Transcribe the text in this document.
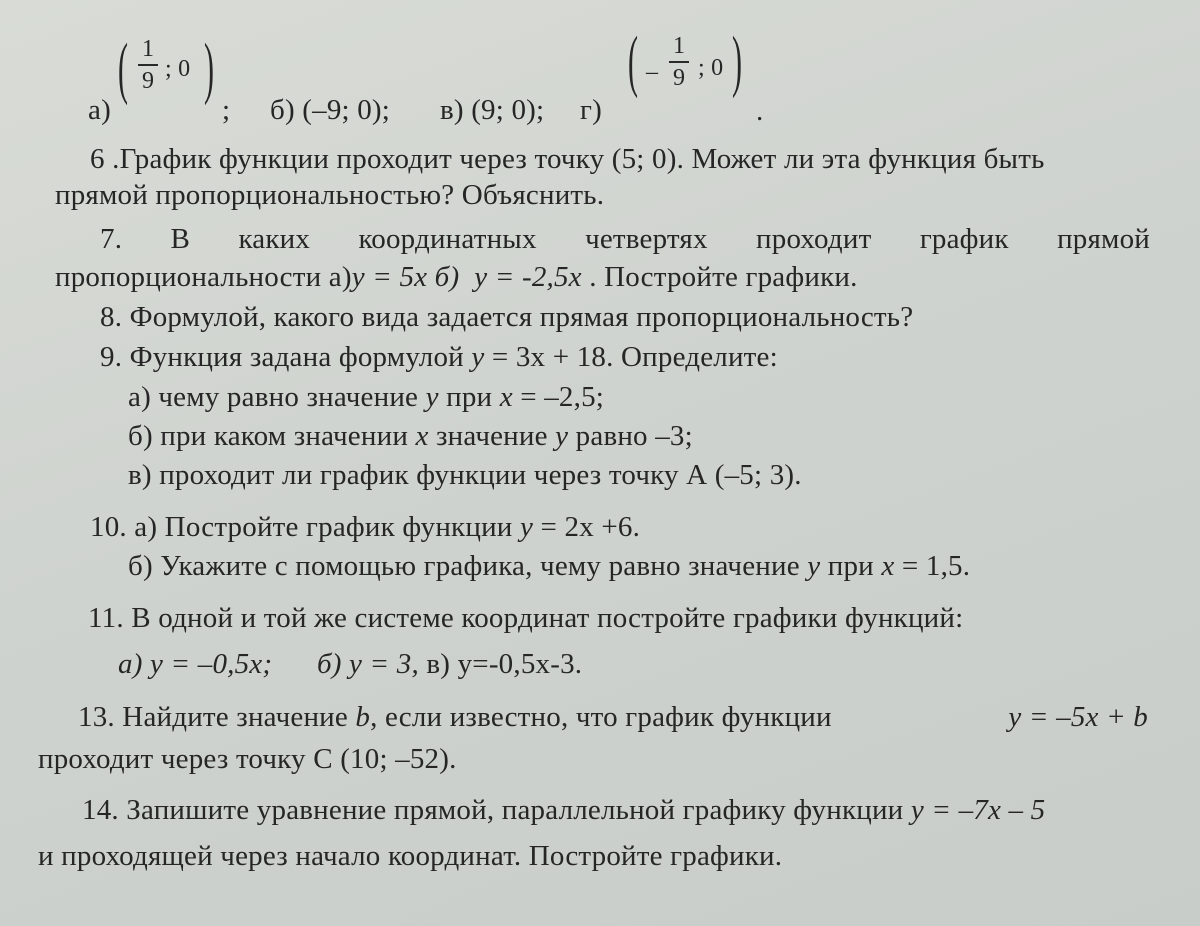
а)
( 1
9 ; 0 )
; б) (–9; 0); в) (9; 0); г)
( –
1
9 ; 0 )
.
6 .График функции проходит через точку (5; 0). Может ли эта функция быть
прямой пропорциональностью? Объяснить.
7. В каких координатных четвертях проходит график прямой
пропорциональности а)y = 5x б) y = -2,5x . Постройте графики.
8. Формулой, какого вида задается прямая пропорциональность?
9. Функция задана формулой y = 3x + 18. Определите:
а) чему равно значение y при x = –2,5;
б) при каком значении x значение y равно –3;
в) проходит ли график функции через точку А (–5; 3).
10. а) Постройте график функции y = 2x +6.
б) Укажите с помощью графика, чему равно значение y при x = 1,5.
11. В одной и той же системе координат постройте графики функций:
а) y = –0,5x; б) y = 3, в) y=-0,5х-3.
13. Найдите значение b, если известно, что график функции	y = –5x + b
проходит через точку С (10; –52).
14. Запишите уравнение прямой, параллельной графику функции y = –7x – 5
и проходящей через начало координат. Постройте графики.
